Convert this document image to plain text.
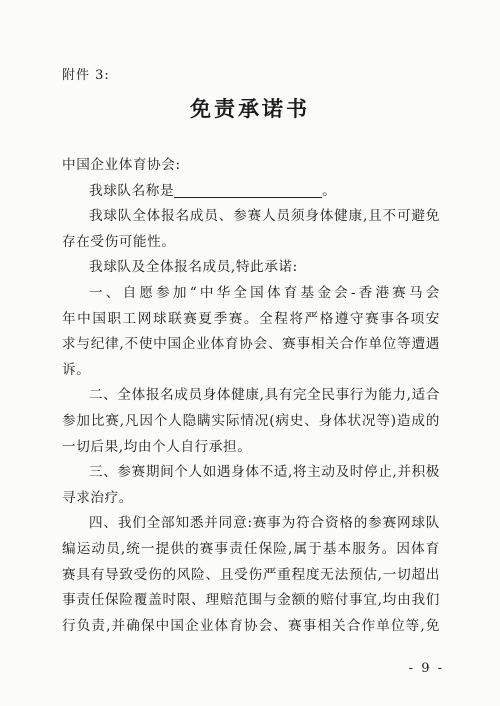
附件 3:
免责承诺书
中国企业体育协会:
我球队名称是	。
我球队全体报名成员、参赛人员须身体健康,且不可避免
存在受伤可能性。
我球队及全体报名成员,特此承诺:
一、自愿参加“中华全国体育基金会-香港赛马会
年中国职工网球联赛夏季赛。全程将严格遵守赛事各项安
求与纪律,不使中国企业体育协会、赛事相关合作单位等遭遇
诉。
二、全体报名成员身体健康,具有完全民事行为能力,适合
参加比赛,凡因个人隐瞒实际情况(病史、身体状况等)造成的
一切后果,均由个人自行承担。
三、参赛期间个人如遇身体不适,将主动及时停止,并积极
寻求治疗。
四、我们全部知悉并同意:赛事为符合资格的参赛网球队
编运动员,统一提供的赛事责任保险,属于基本服务。因体育
赛具有导致受伤的风险、且受伤严重程度无法预估,一切超出
事责任保险覆盖时限、理赔范围与金额的赔付事宜,均由我们
行负责,并确保中国企业体育协会、赛事相关合作单位等,免
- 9 -
